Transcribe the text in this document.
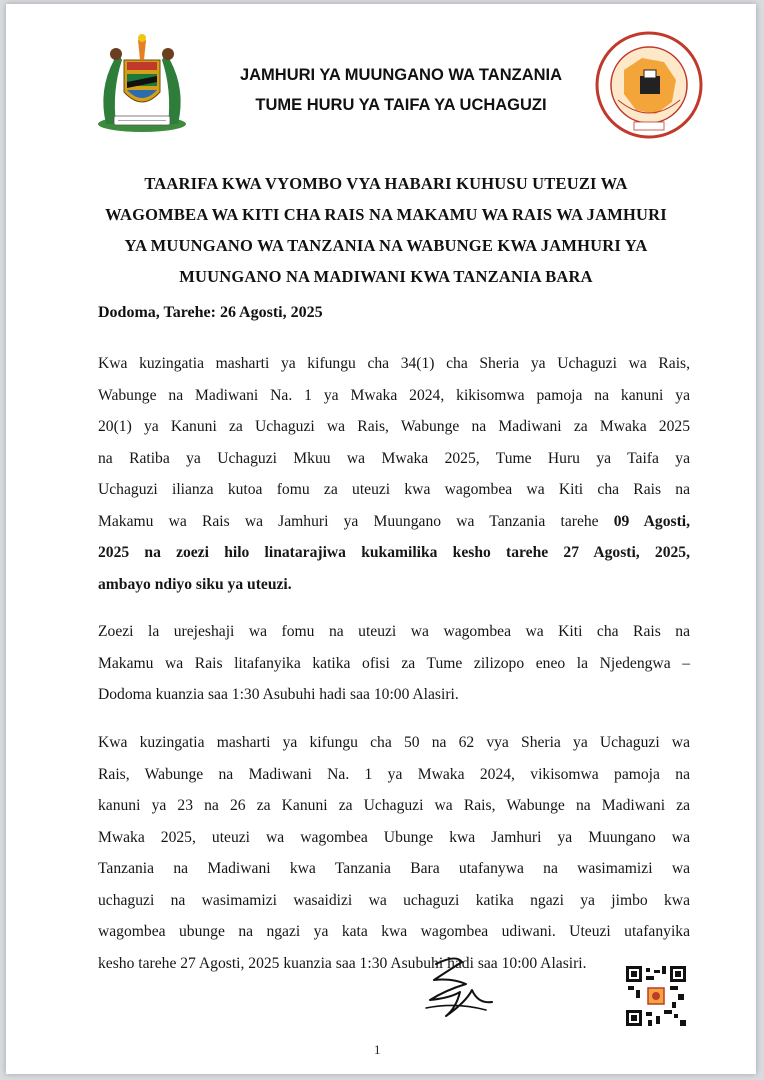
JAMHURI YA MUUNGANO WA TANZANIA
TUME HURU YA TAIFA YA UCHAGUZI
TAARIFA KWA VYOMBO VYA HABARI KUHUSU UTEUZI WA
WAGOMBEA WA KITI CHA RAIS NA MAKAMU WA RAIS WA JAMHURI
YA MUUNGANO WA TANZANIA NA WABUNGE KWA JAMHURI YA
MUUNGANO NA MADIWANI KWA TANZANIA BARA
Dodoma, Tarehe: 26 Agosti, 2025
Kwa kuzingatia masharti ya kifungu cha 34(1) cha Sheria ya Uchaguzi wa Rais,
Wabunge na Madiwani Na. 1 ya Mwaka 2024, kikisomwa pamoja na kanuni ya
20(1) ya Kanuni za Uchaguzi wa Rais, Wabunge na Madiwani za Mwaka 2025
na Ratiba ya Uchaguzi Mkuu wa Mwaka 2025, Tume Huru ya Taifa ya
Uchaguzi ilianza kutoa fomu za uteuzi kwa wagombea wa Kiti cha Rais na
Makamu wa Rais wa Jamhuri ya Muungano wa Tanzania tarehe 09 Agosti,
2025 na zoezi hilo linatarajiwa kukamilika kesho tarehe 27 Agosti, 2025,
ambayo ndiyo siku ya uteuzi.
Zoezi la urejeshaji wa fomu na uteuzi wa wagombea wa Kiti cha Rais na
Makamu wa Rais litafanyika katika ofisi za Tume zilizopo eneo la Njedengwa –
Dodoma kuanzia saa 1:30 Asubuhi hadi saa 10:00 Alasiri.
Kwa kuzingatia masharti ya kifungu cha 50 na 62 vya Sheria ya Uchaguzi wa
Rais, Wabunge na Madiwani Na. 1 ya Mwaka 2024, vikisomwa pamoja na
kanuni ya 23 na 26 za Kanuni za Uchaguzi wa Rais, Wabunge na Madiwani za
Mwaka 2025, uteuzi wa wagombea Ubunge kwa Jamhuri ya Muungano wa
Tanzania na Madiwani kwa Tanzania Bara utafanywa na wasimamizi wa
uchaguzi na wasimamizi wasaidizi wa uchaguzi katika ngazi ya jimbo kwa
wagombea ubunge na ngazi ya kata kwa wagombea udiwani. Uteuzi utafanyika
kesho tarehe 27 Agosti, 2025 kuanzia saa 1:30 Asubuhi hadi saa 10:00 Alasiri.
1
